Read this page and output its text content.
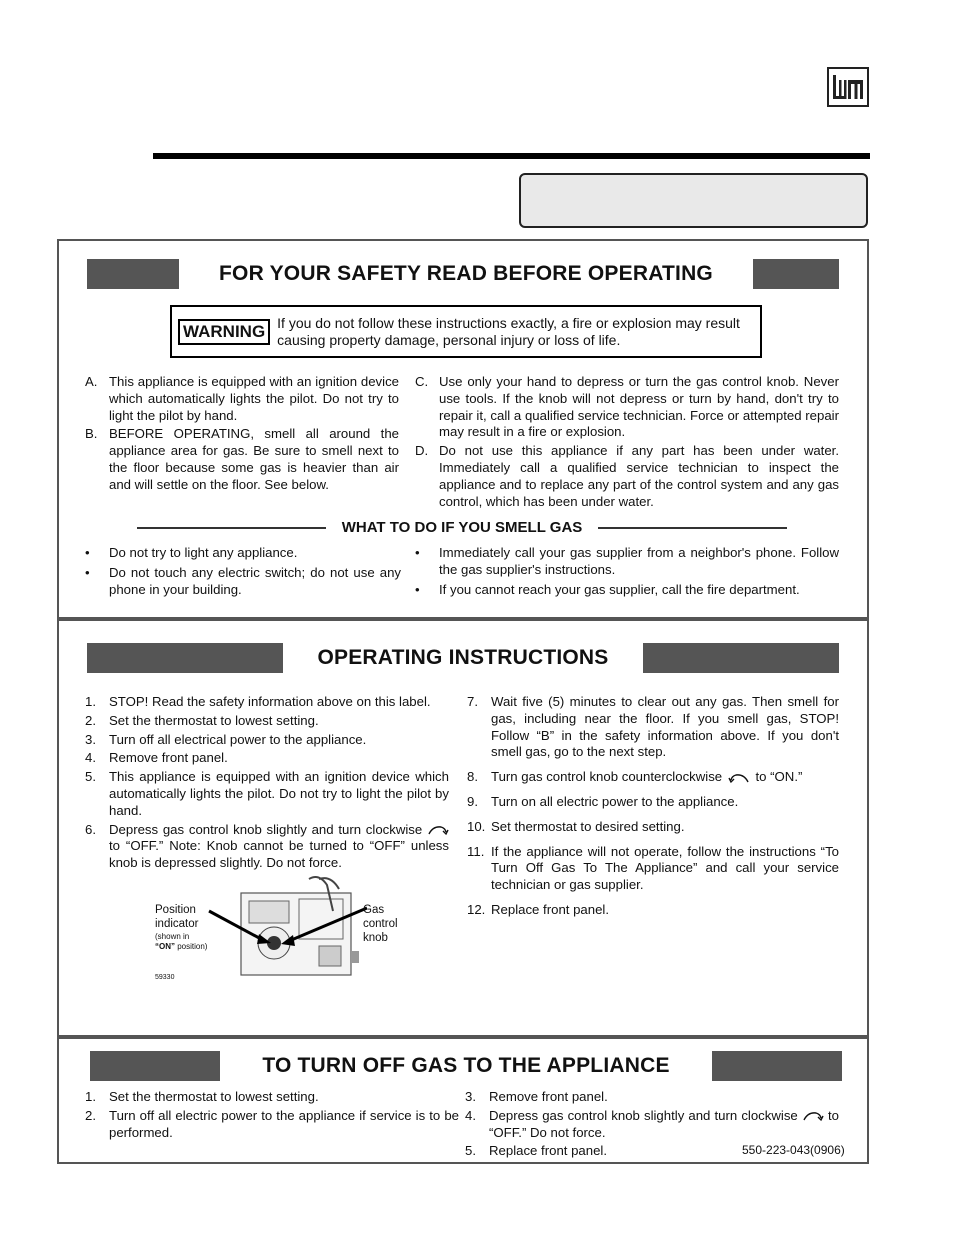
FOR YOUR SAFETY READ BEFORE OPERATING
WARNING If you do not follow these instructions exactly, a fire or explosion may result causing property damage, personal injury or loss of life.
A. This appliance is equipped with an ignition device which automatically lights the pilot. Do not try to light the pilot by hand.
B. BEFORE OPERATING, smell all around the appliance area for gas. Be sure to smell next to the floor because some gas is heavier than air and will settle on the floor. See below.
C. Use only your hand to depress or turn the gas control knob. Never use tools. If the knob will not depress or turn by hand, don't try to repair it, call a qualified service technician. Force or attempted repair may result in a fire or explosion.
D. Do not use this appliance if any part has been under water. Immediately call a qualified service technician to inspect the appliance and to replace any part of the control system and any gas control, which has been under water.
WHAT TO DO IF YOU SMELL GAS
•	Do not try to light any appliance.
•	Do not touch any electric switch; do not use any phone in your building.
•	Immediately call your gas supplier from a neighbor's phone. Follow the gas supplier's instructions.
•	If you cannot reach your gas supplier, call the fire department.
OPERATING INSTRUCTIONS
1. STOP! Read the safety information above on this label.
2. Set the thermostat to lowest setting.
3. Turn off all electrical power to the appliance.
4. Remove front panel.
5. This appliance is equipped with an ignition device which automatically lights the pilot. Do not try to light the pilot by hand.
6. Depress gas control knob slightly and turn clockwise  to “OFF.” Note: Knob cannot be turned to “OFF” unless knob is depressed slightly. Do not force.
Position indicator
(shown in
“ON” position)
Gas control knob
59330
7. Wait five (5) minutes to clear out any gas. Then smell for gas, including near the floor. If you smell gas, STOP! Follow “B” in the safety information above. If you don't smell gas, go to the next step.
8. Turn gas control knob counterclockwise	to “ON.”
9. Turn on all electric power to the appliance.
10. Set thermostat to desired setting.
11. If the appliance will not operate, follow the instructions “To Turn Off Gas To The Appliance” and call your service technician or gas supplier.
12. Replace front panel.
TO TURN OFF GAS TO THE APPLIANCE
1. Set the thermostat to lowest setting.
2. Turn off all electric power to the appliance if service is to be performed.
3. Remove front panel.
4. Depress gas control knob slightly and turn clockwise to “OFF.” Do not force.
5. Replace front panel.	550-223-043(0906)
